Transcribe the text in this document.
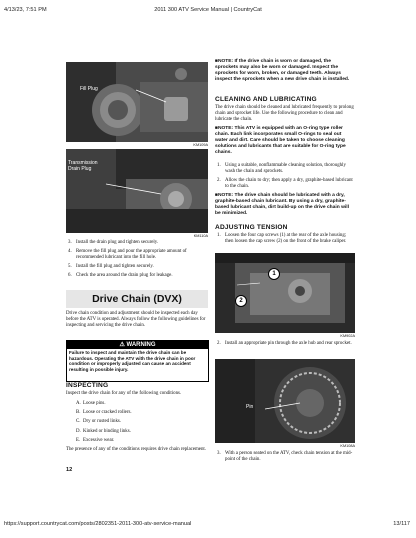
4/13/23, 7:51 PM	2011 300 ATV Service Manual | CountryCat
Fill Plug
KM109A
Transmission Drain Plug
KM110A
3. Install the drain plug and tighten securely.
4. Remove the fill plug and pour the appropriate amount of recommended lubricant into the fill hole.
5. Install the fill plug and tighten securely.
6. Check the area around the drain plug for leakage.
Drive Chain (DVX)
Drive chain condition and adjustment should be inspected each day before the ATV is operated. Always follow the following guidelines for inspecting and servicing the drive chain.
⚠ WARNING
Failure to inspect and maintain the drive chain can be hazardous. Operating the ATV with the drive chain in poor condition or improperly adjusted can cause an accident resulting in possible injury.
INSPECTING
Inspect the drive chain for any of the following conditions.
A. Loose pins.
B. Loose or cracked rollers.
C. Dry or rusted links.
D. Kinked or binding links.
E. Excessive wear.
The presence of any of the conditions requires drive chain replacement.
12
■NOTE: If the drive chain is worn or damaged, the sprockets may also be worn or damaged. Inspect the sprockets for worn, broken, or damaged teeth. Always inspect the sprockets when a new drive chain is installed.
CLEANING AND LUBRICATING
The drive chain should be cleaned and lubricated frequently to prolong chain and sprocket life. Use the following procedure to clean and lubricate the chain.
■NOTE: This ATV is equipped with an O-ring type roller chain. Each link incorporates small O-rings to seal out water and dirt. Care should be taken to choose cleaning solutions and lubricants that are suitable for O-ring type chains.
1. Using a suitable, nonflammable cleaning solution, thoroughly wash the chain and sprockets.
2. Allow the chain to dry; then apply a dry, graphite-based lubricant to the chain.
■NOTE: The drive chain should be lubricated with a dry, graphite-based chain lubricant. By using a dry, graphite-based lubricant chain, dirt build-up on the drive chain will be minimized.
ADJUSTING TENSION
1. Loosen the four cap screws (1) at the rear of the axle housing; then loosen the cap screw (2) on the front of the brake caliper.
1
2
KM902A
2. Install an appropriate pin through the axle hub and rear sprocket.
Pin
KM108A
3. With a person seated on the ATV, check chain tension at the mid-point of the chain.
https://support.countrycat.com/posts/2802351-2011-300-atv-service-manual	13/117
